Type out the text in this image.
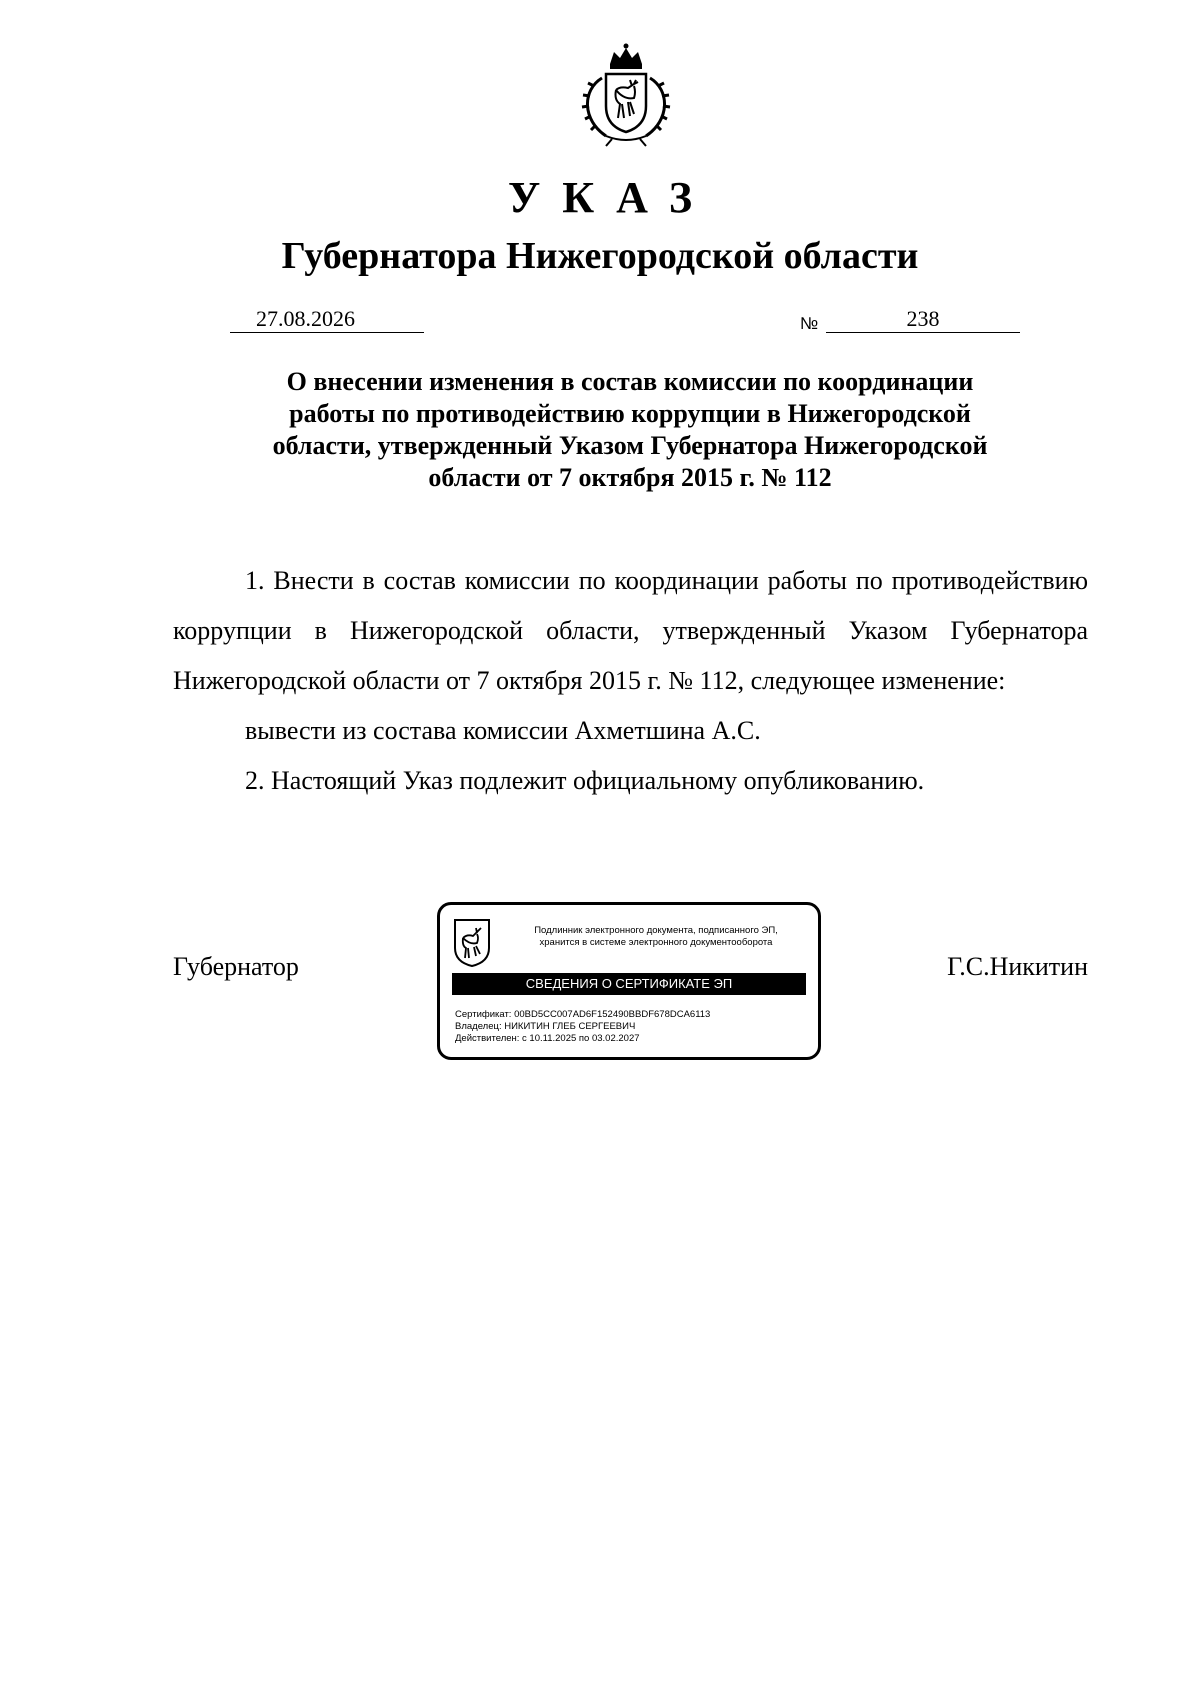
УКАЗ
Губернатора Нижегородской области
27.08.2026	№	238
О внесении изменения в состав комиссии по координации
работы по противодействию коррупции в Нижегородской
области, утвержденный Указом Губернатора Нижегородской
области от 7 октября 2015 г. № 112

1. Внести в состав комиссии по координации работы по противодействию коррупции в Нижегородской области, утвержденный Указом Губернатора Нижегородской области от 7 октября 2015 г. № 112, следующее изменение:

вывести из состава комиссии Ахметшина А.С.

2. Настоящий Указ подлежит официальному опубликованию.

Губернатор
Подлинник электронного документа, подписанного ЭП,
хранится в системе электронного документооборота
СВЕДЕНИЯ О СЕРТИФИКАТЕ ЭП
Сертификат: 00BD5CC007AD6F152490BBDF678DCA6113
Владелец: НИКИТИН ГЛЕБ СЕРГЕЕВИЧ
Действителен: с 10.11.2025 по 03.02.2027
Г.С.Никитин
